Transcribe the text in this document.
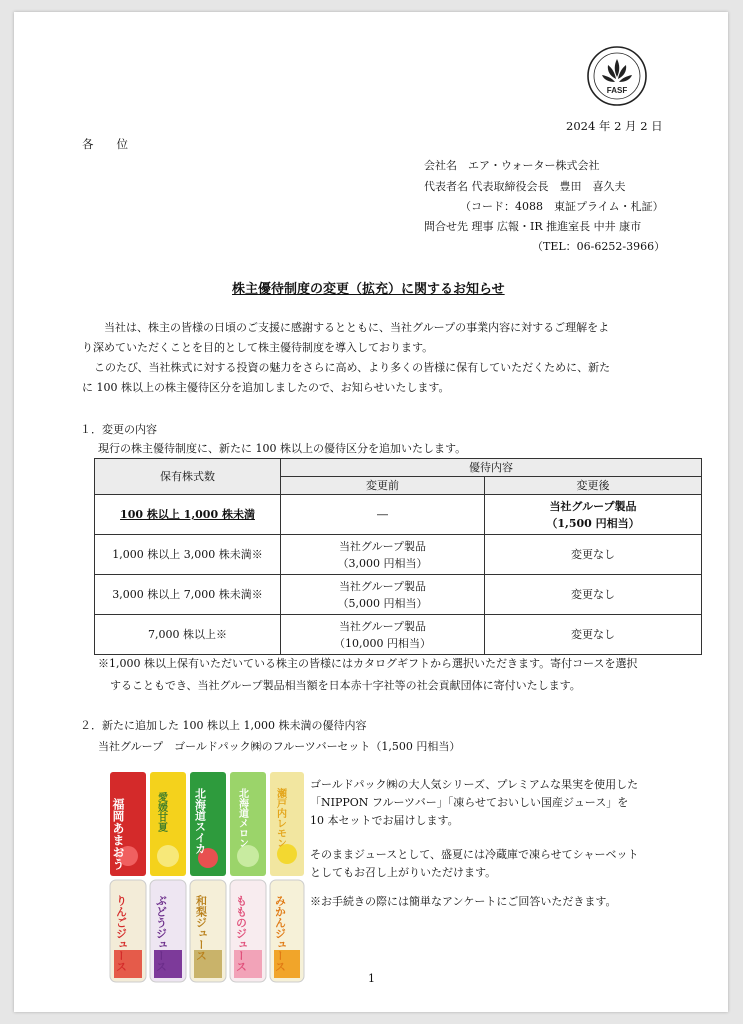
FASF
2024 年 2 月 2 日
各　　位
会社名　エア・ウォーター株式会社
代表者名 代表取締役会長　豊田　喜久夫
（コード：4088　東証プライム・札証）
問合せ先 理事 広報・IR 推進室長 中井 康市
（TEL：06-6252-3966）
株主優待制度の変更（拡充）に関するお知らせ
当社は、株主の皆様の日頃のご支援に感謝するとともに、当社グループの事業内容に対するご理解をよ
り深めていただくことを目的として株主優待制度を導入しております。
このたび、当社株式に対する投資の魅力をさらに高め、より多くの皆様に保有していただくために、新た
に 100 株以上の株主優待区分を追加しましたので、お知らせいたします。
１．変更の内容
現行の株主優待制度に、新たに 100 株以上の優待区分を追加いたします。
保有株式数	優待内容	
	変更前	変更後
100 株以上 1,000 株未満	―	当社グループ製品
（1,500 円相当）

1,000 株以上 3,000 株未満※	当社グループ製品
（3,000 円相当）	変更なし
3,000 株以上 7,000 株未満※	当社グループ製品
（5,000 円相当）	変更なし
7,000 株以上※	当社グループ製品
（10,000 円相当）	変更なし
※1,000 株以上保有いただいている株主の皆様にはカタログギフトから選択いただきます。寄付コースを選択
することもでき、当社グループ製品相当額を日本赤十字社等の社会貢献団体に寄付いたします。
２．新たに追加した 100 株以上 1,000 株未満の優待内容
当社グループ　ゴールドパック㈱のフルーツバーセット（1,500 円相当）
福岡あまおう	愛媛甘夏 北海道スイカ	北海道メロン	瀬戸内レモン
りんごジュース ぶどうジュース 和梨ジュース もものジュース みかんジュース
ゴールドパック㈱の大人気シリーズ、プレミアムな果実を使用した
「NIPPON フルーツバー」「凍らせておいしい国産ジュース」を
10 本セットでお届けします。
そのままジュースとして、盛夏には冷蔵庫で凍らせてシャーベット
としてもお召し上がりいただけます。
※お手続きの際には簡単なアンケートにご回答いただきます。
1
